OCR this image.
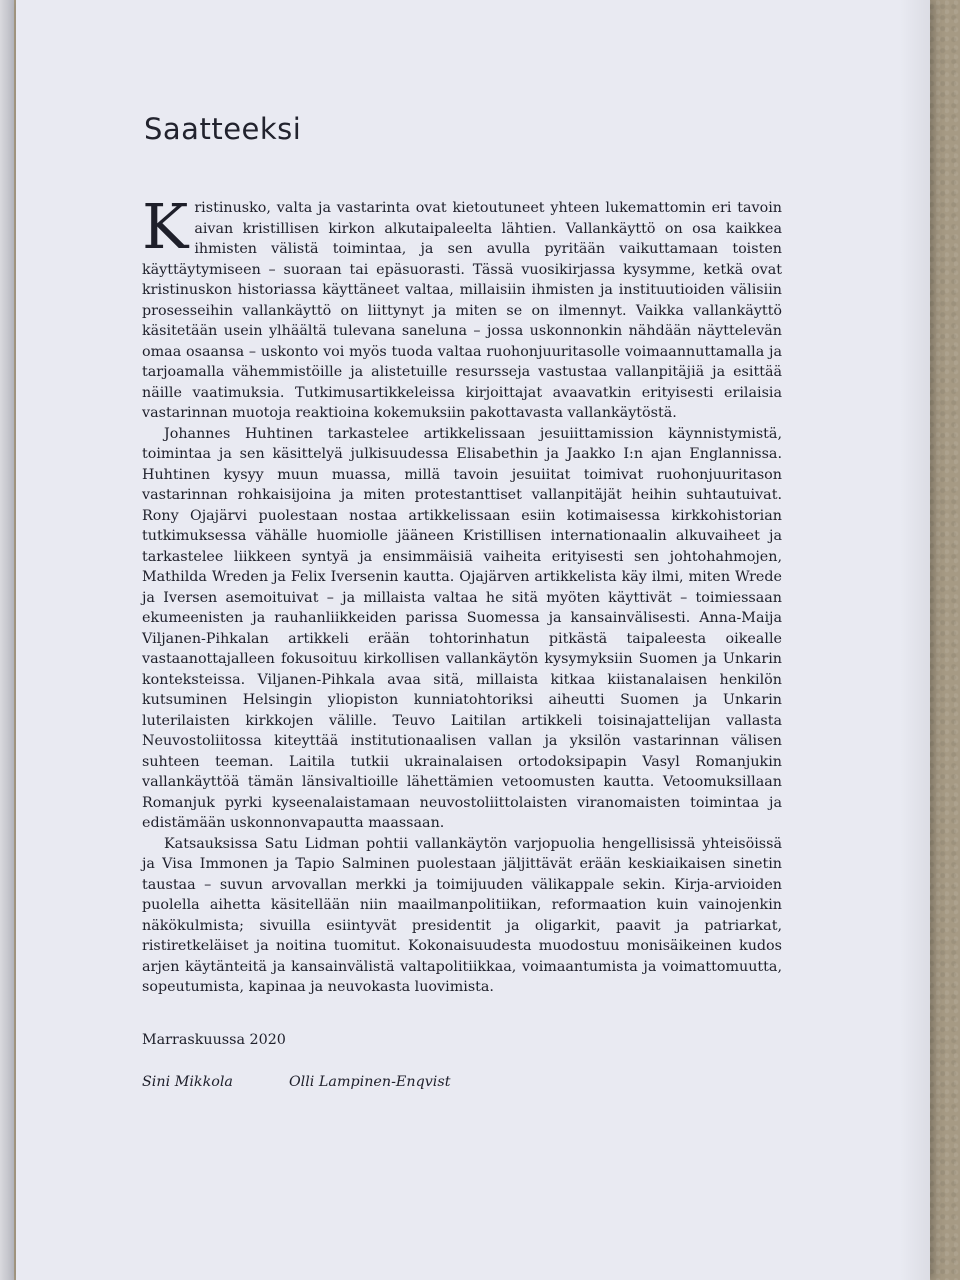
Saatteeksi

Kristinusko, valta ja vastarinta ovat kietoutuneet yhteen lukemattomin eri tavoin aivan kristillisen kirkon alkutaipaleelta lähtien. Vallankäyttö on osa kaikkea ihmisten välistä toimintaa, ja sen avulla pyritään vaikuttamaan toisten käyttäytymiseen – suoraan tai epäsuorasti. Tässä vuosikirjassa kysymme, ketkä ovat kristinuskon historiassa käyttäneet valtaa, millaisiin ihmisten ja instituutioiden välisiin prosesseihin vallankäyttö on liittynyt ja miten se on ilmennyt. Vaikka vallankäyttö käsitetään usein ylhäältä tulevana saneluna – jossa uskonnonkin nähdään näyttelevän omaa osaansa – uskonto voi myös tuoda valtaa ruohonjuuritasolle voimaannuttamalla ja tarjoamalla vähemmistöille ja alistetuille resursseja vastustaa vallanpitäjiä ja esittää näille vaatimuksia. Tutkimusartikkeleissa kirjoittajat avaavatkin erityisesti erilaisia vastarinnan muotoja reaktioina kokemuksiin pakottavasta vallankäytöstä.

Johannes Huhtinen tarkastelee artikkelissaan jesuiittamission käynnistymistä, toimintaa ja sen käsittelyä julkisuudessa Elisabethin ja Jaakko I:n ajan Englannissa. Huhtinen kysyy muun muassa, millä tavoin jesuiitat toimivat ruohonjuuritason vastarinnan rohkaisijoina ja miten protestanttiset vallanpitäjät heihin suhtautuivat. Rony Ojajärvi puolestaan nostaa artikkelissaan esiin kotimaisessa kirkkohistorian tutkimuksessa vähälle huomiolle jääneen Kristillisen internationaalin alkuvaiheet ja tarkastelee liikkeen syntyä ja ensimmäisiä vaiheita erityisesti sen johtohahmojen, Mathilda Wreden ja Felix Iversenin kautta. Ojajärven artikkelista käy ilmi, miten Wrede ja Iversen asemoituivat – ja millaista valtaa he sitä myöten käyttivät – toimiessaan ekumeenisten ja rauhanliikkeiden parissa Suomessa ja kansainvälisesti. Anna-Maija Viljanen-Pihkalan artikkeli erään tohtorinhatun pitkästä taipaleesta oikealle vastaanottajalleen fokusoituu kirkollisen vallankäytön kysymyksiin Suomen ja Unkarin konteksteissa. Viljanen-Pihkala avaa sitä, millaista kitkaa kiistanalaisen henkilön kutsuminen Helsingin yliopiston kunniatohtoriksi aiheutti Suomen ja Unkarin luterilaisten kirkkojen välille. Teuvo Laitilan artikkeli toisinajattelijan vallasta Neuvostoliitossa kiteyttää institutionaalisen vallan ja yksilön vastarinnan välisen suhteen teeman. Laitila tutkii ukrainalaisen ortodoksipapin Vasyl Romanjukin vallankäyttöä tämän länsivaltioille lähettämien vetoomusten kautta. Vetoomuksillaan Romanjuk pyrki kyseenalaistamaan neuvostoliittolaisten viranomaisten toimintaa ja edistämään uskonnonvapautta maassaan.

Katsauksissa Satu Lidman pohtii vallankäytön varjopuolia hengellisissä yhteisöissä ja Visa Immonen ja Tapio Salminen puolestaan jäljittävät erään keskiaikaisen sinetin taustaa – suvun arvovallan merkki ja toimijuuden välikappale sekin. Kirja-arvioiden puolella aihetta käsitellään niin maailmanpolitiikan, reformaation kuin vainojenkin näkökulmista; sivuilla esiintyvät presidentit ja oligarkit, paavit ja patriarkat, ristiretkeläiset ja noitina tuomitut. Kokonaisuudesta muodostuu monisäikeinen kudos arjen käytänteitä ja kansainvälistä valtapolitiikkaa, voimaantumista ja voimattomuutta, sopeutumista, kapinaa ja neuvokasta luovimista.

Marraskuussa 2020
Sini Mikkola	Olli Lampinen-Enqvist
